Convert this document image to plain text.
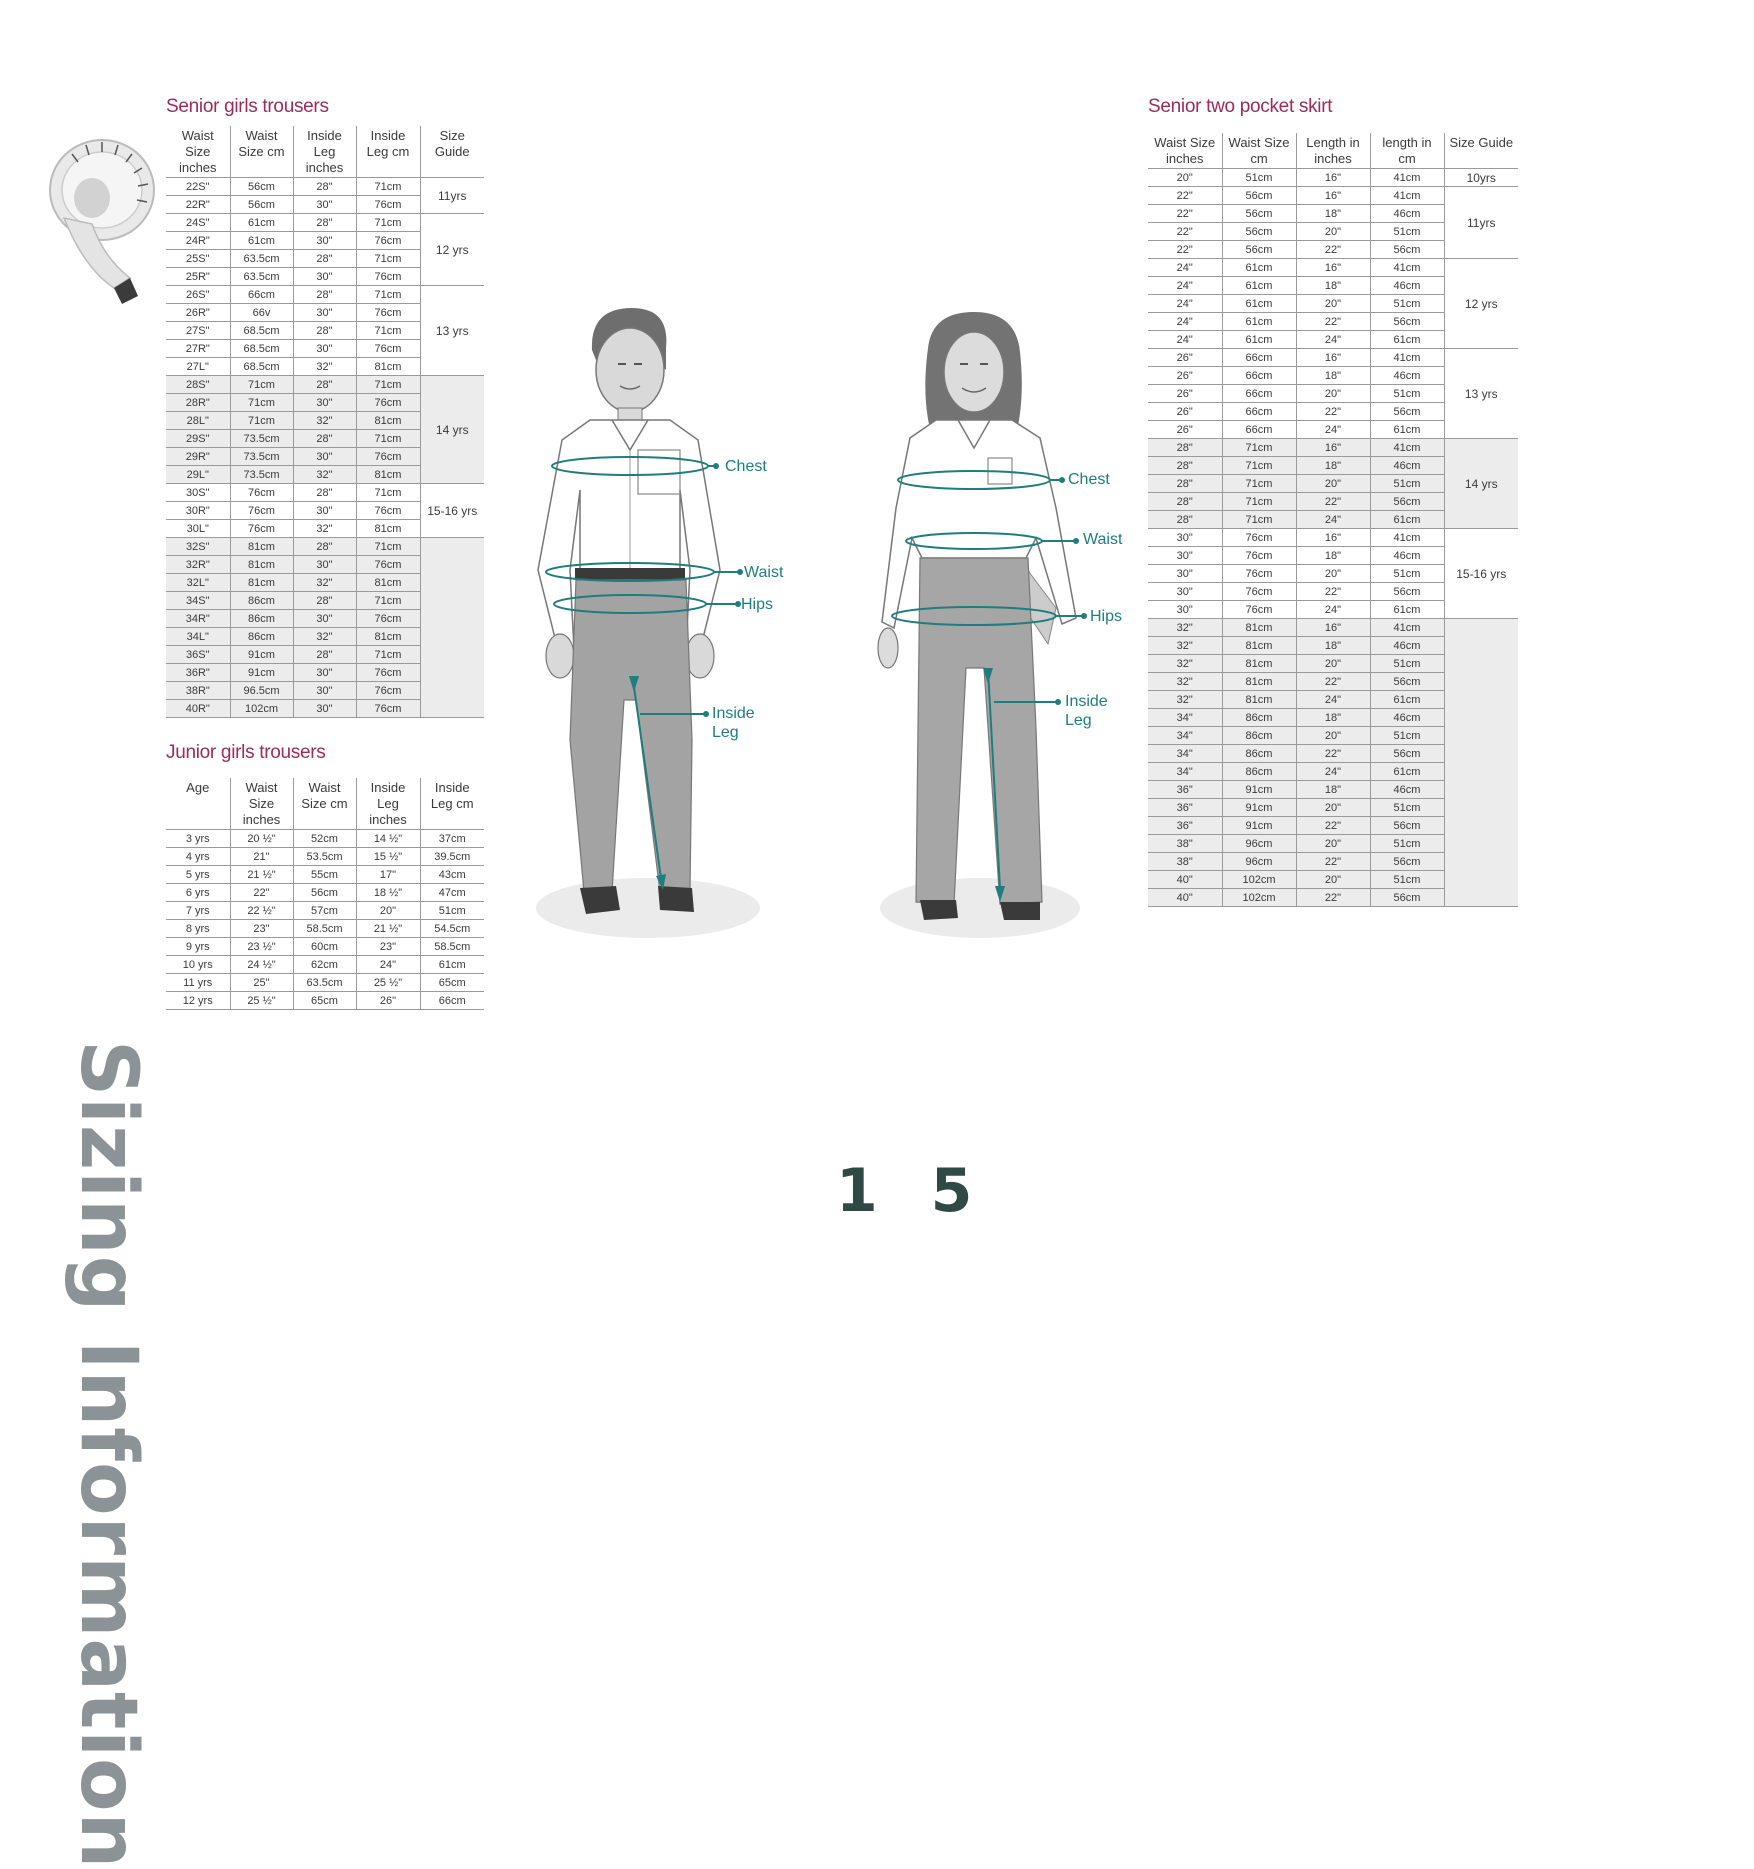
Sizing Information
Senior girls trousers
Waist Size inches	Waist Size cm	Inside Leg inches	Inside Leg cm	Size Guide
22S"	56cm	28"	71cm	11yrs
22R"	56cm	30"	76cm	
24S"	61cm	28"	71cm	12 yrs
24R"	61cm	30"	76cm	
25S"	63.5cm	28"	71cm	
25R"	63.5cm	30"	76cm	
26S"	66cm	28"	71cm	13 yrs
26R"	66v	30"	76cm	
27S"	68.5cm	28"	71cm	
27R"	68.5cm	30"	76cm	
27L"	68.5cm	32"	81cm	
28S"	71cm	28"	71cm	14 yrs
28R"	71cm	30"	76cm	
28L"	71cm	32"	81cm	
29S"	73.5cm	28"	71cm	
29R"	73.5cm	30"	76cm	
29L"	73.5cm	32"	81cm	
30S"	76cm	28"	71cm	15-16 yrs
30R"	76cm	30"	76cm	
30L"	76cm	32"	81cm	
32S"	81cm	28"	71cm	
32R"	81cm	30"	76cm	
32L"	81cm	32"	81cm	
34S"	86cm	28"	71cm	
34R"	86cm	30"	76cm	
34L"	86cm	32"	81cm	
36S"	91cm	28"	71cm	
36R"	91cm	30"	76cm	
38R"	96.5cm	30"	76cm	
40R"	102cm	30"	76cm	
Junior girls trousers
Age	Waist Size inches	Waist Size cm	Inside Leg inches	Inside Leg cm
3 yrs	20 ½"	52cm	14 ½"	37cm
4 yrs	21"	53.5cm	15 ½"	39.5cm
5 yrs	21 ½"	55cm	17"	43cm
6 yrs	22"	56cm	18 ½"	47cm
7 yrs	22 ½"	57cm	20"	51cm
8 yrs	23"	58.5cm	21 ½"	54.5cm
9 yrs	23 ½"	60cm	23"	58.5cm
10 yrs	24 ½"	62cm	24"	61cm
11 yrs	25"	63.5cm	25 ½"	65cm
12 yrs	25 ½"	65cm	26"	66cm
Senior two pocket skirt
Waist Size inches	Waist Size cm	Length in inches	length in cm	Size Guide
20"	51cm	16"	41cm	10yrs
22"	56cm	16"	41cm	11yrs
22"	56cm	18"	46cm	
22"	56cm	20"	51cm	
22"	56cm	22"	56cm	
24"	61cm	16"	41cm	12 yrs
24"	61cm	18"	46cm	
24"	61cm	20"	51cm	
24"	61cm	22"	56cm	
24"	61cm	24"	61cm	
26"	66cm	16"	41cm	13 yrs
26"	66cm	18"	46cm	
26"	66cm	20"	51cm	
26"	66cm	22"	56cm	
26"	66cm	24"	61cm	
28"	71cm	16"	41cm	14 yrs
28"	71cm	18"	46cm	
28"	71cm	20"	51cm	
28"	71cm	22"	56cm	
28"	71cm	24"	61cm	
30"	76cm	16"	41cm	15-16 yrs
30"	76cm	18"	46cm	
30"	76cm	20"	51cm	
30"	76cm	22"	56cm	
30"	76cm	24"	61cm	
32"	81cm	16"	41cm	
32"	81cm	18"	46cm	
32"	81cm	20"	51cm	
32"	81cm	22"	56cm	
32"	81cm	24"	61cm	
34"	86cm	18"	46cm	
34"	86cm	20"	51cm	
34"	86cm	22"	56cm	
34"	86cm	24"	61cm	
36"	91cm	18"	46cm	
36"	91cm	20"	51cm	
36"	91cm	22"	56cm	
38"	96cm	20"	51cm	
38"	96cm	22"	56cm	
40"	102cm	20"	51cm	
40"	102cm	22"	56cm	
Chest
Waist
Hips
Inside
Leg
Chest
Waist
Hips
Inside
Leg
1 5
